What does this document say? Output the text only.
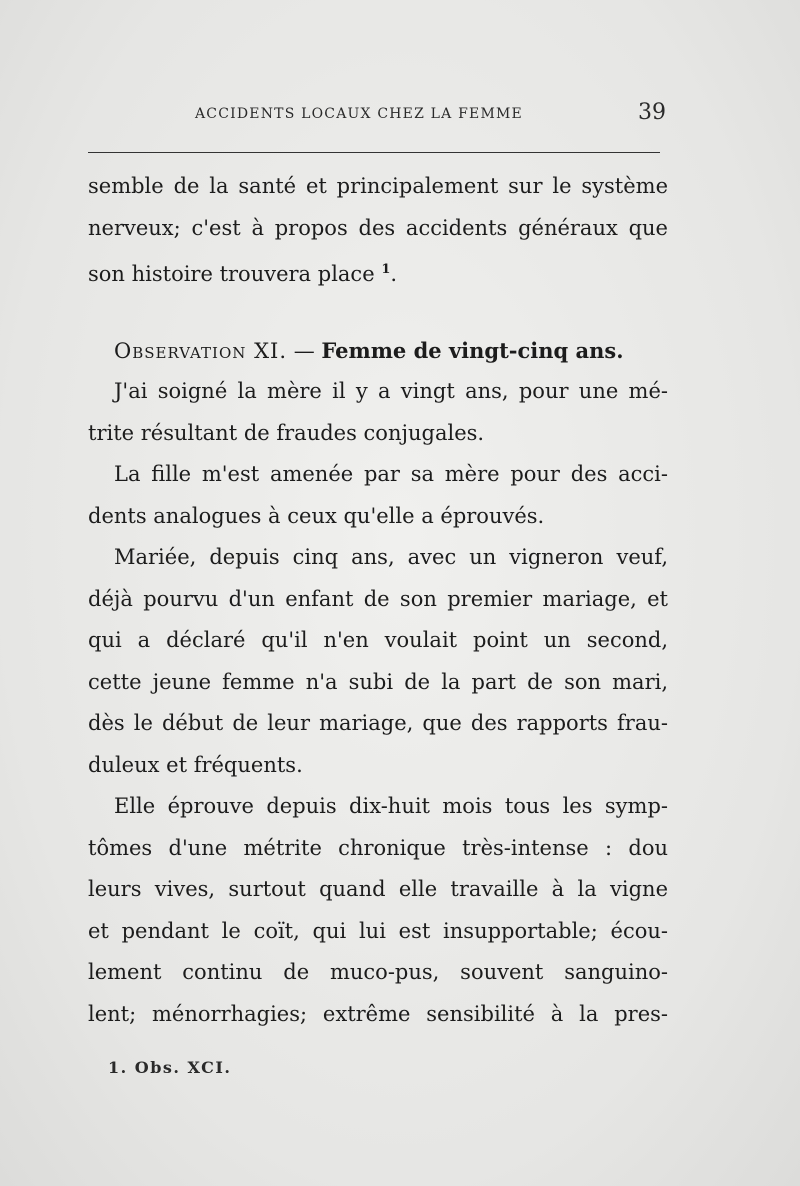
ACCIDENTS LOCAUX CHEZ LA FEMME	39
semble de la santé et principalement sur le système
nerveux; c'est à propos des accidents généraux que
son histoire trouvera place $^1$.
Observation XI. — Femme de vingt-cinq ans.
J'ai soigné la mère il y a vingt ans, pour une mé-
trite résultant de fraudes conjugales.
La fille m'est amenée par sa mère pour des acci-
dents analogues à ceux qu'elle a éprouvés.
Mariée, depuis cinq ans, avec un vigneron veuf,
déjà pourvu d'un enfant de son premier mariage, et
qui a déclaré qu'il n'en voulait point un second,
cette jeune femme n'a subi de la part de son mari,
dès le début de leur mariage, que des rapports frau-
duleux et fréquents.
Elle éprouve depuis dix-huit mois tous les symp-
tômes d'une métrite chronique très-intense : dou
leurs vives, surtout quand elle travaille à la vigne
et pendant le coït, qui lui est insupportable; écou-
lement continu de muco-pus, souvent sanguino-
lent; ménorrhagies; extrême sensibilité à la pres-
1. Obs. XCI.
